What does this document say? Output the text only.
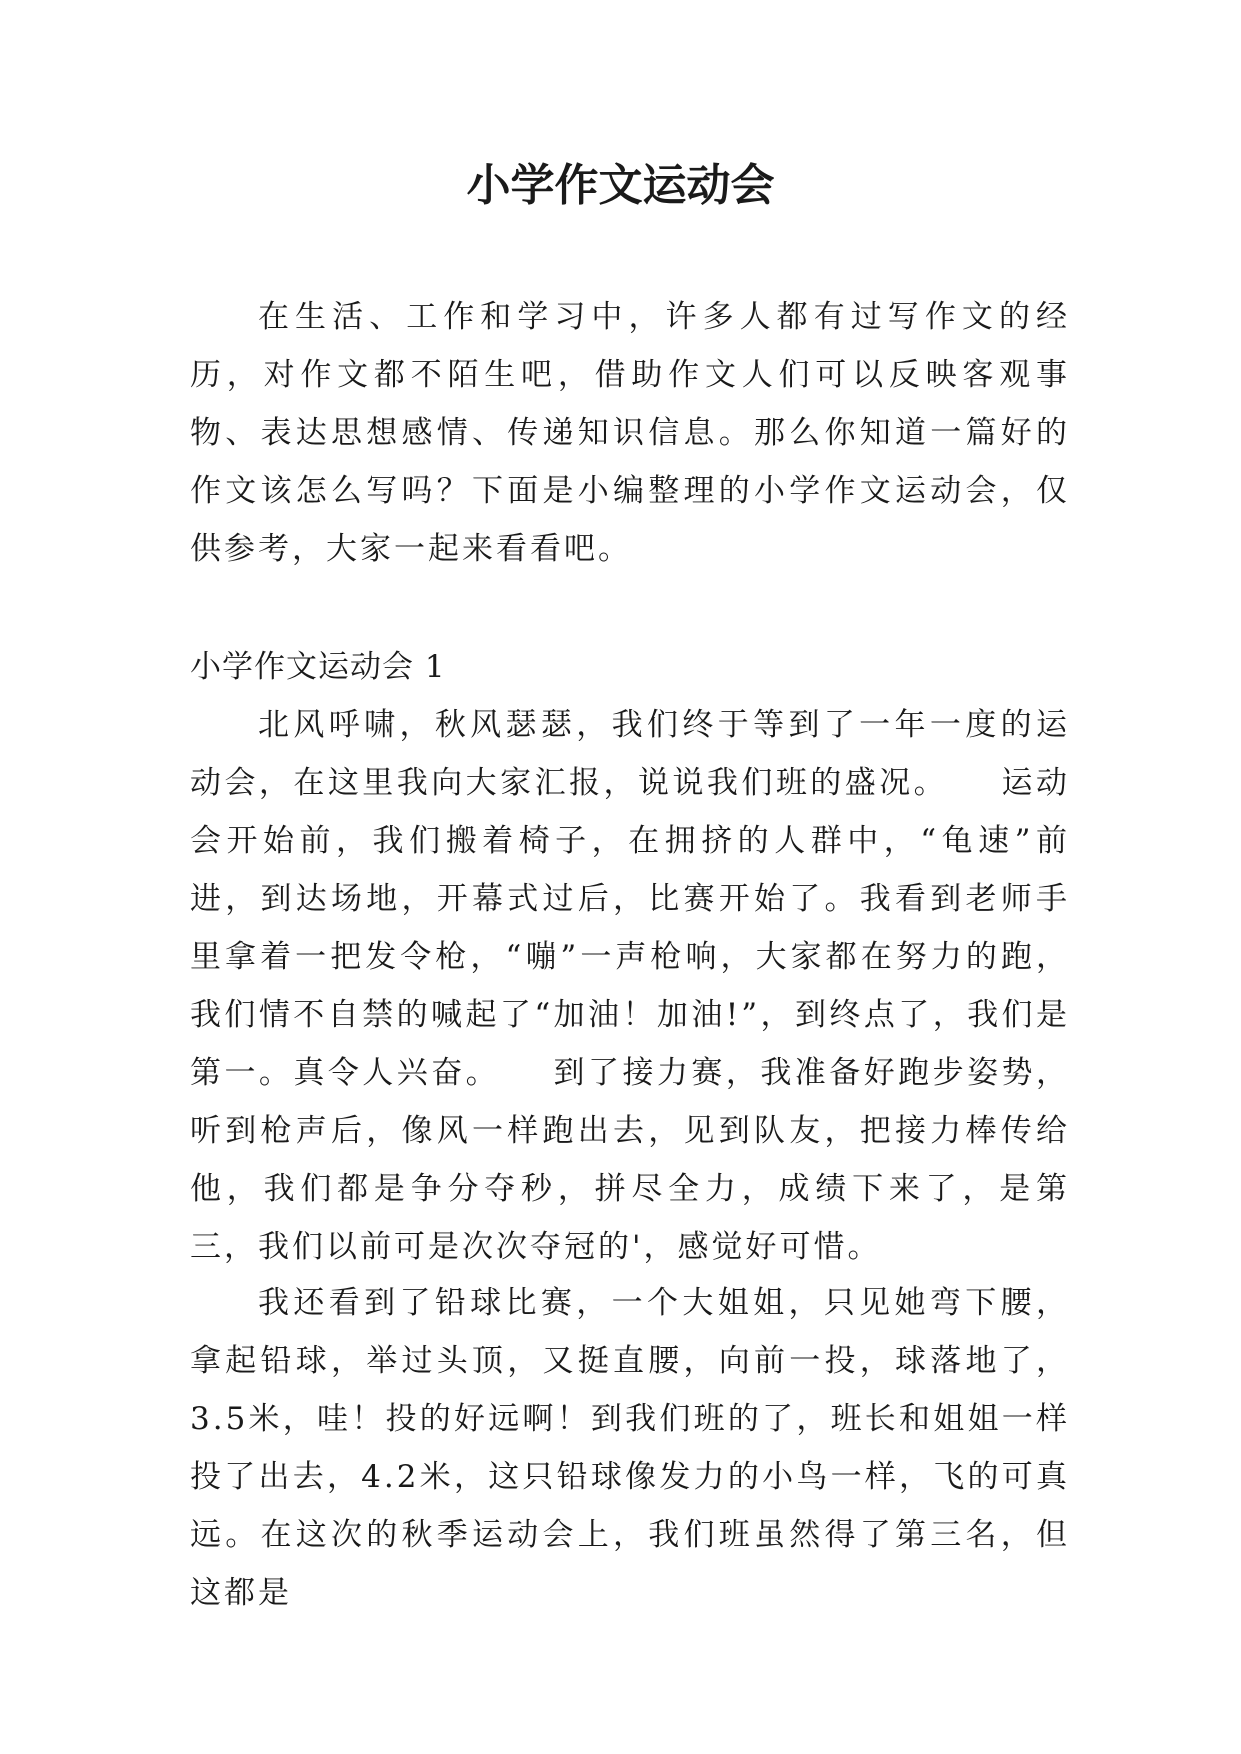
小学作文运动会

在生活、工作和学习中，许多人都有过写作文的经历，对作文都不陌生吧，借助作文人们可以反映客观事物、表达思想感情、传递知识信息。那么你知道一篇好的作文该怎么写吗？下面是小编整理的小学作文运动会，仅供参考，大家一起来看看吧。

小学作文运动会 1

北风呼啸，秋风瑟瑟，我们终于等到了一年一度的运动会，在这里我向大家汇报，说说我们班的盛况。　　运动会开始前，我们搬着椅子，在拥挤的人群中，“龟速”前进，到达场地，开幕式过后，比赛开始了。我看到老师手里拿着一把发令枪，“嘣”一声枪响，大家都在努力的跑，我们情不自禁的喊起了“加油！加油!”，到终点了，我们是第一。真令人兴奋。　　到了接力赛，我准备好跑步姿势，听到枪声后，像风一样跑出去，见到队友，把接力棒传给他，我们都是争分夺秒，拼尽全力，成绩下来了，是第三，我们以前可是次次夺冠的'，感觉好可惜。

我还看到了铅球比赛，一个大姐姐，只见她弯下腰，拿起铅球，举过头顶，又挺直腰，向前一投，球落地了，3.5米，哇！投的好远啊！到我们班的了，班长和姐姐一样投了出去，4.2米，这只铅球像发力的小鸟一样，飞的可真远。在这次的秋季运动会上，我们班虽然得了第三名，但这都是
